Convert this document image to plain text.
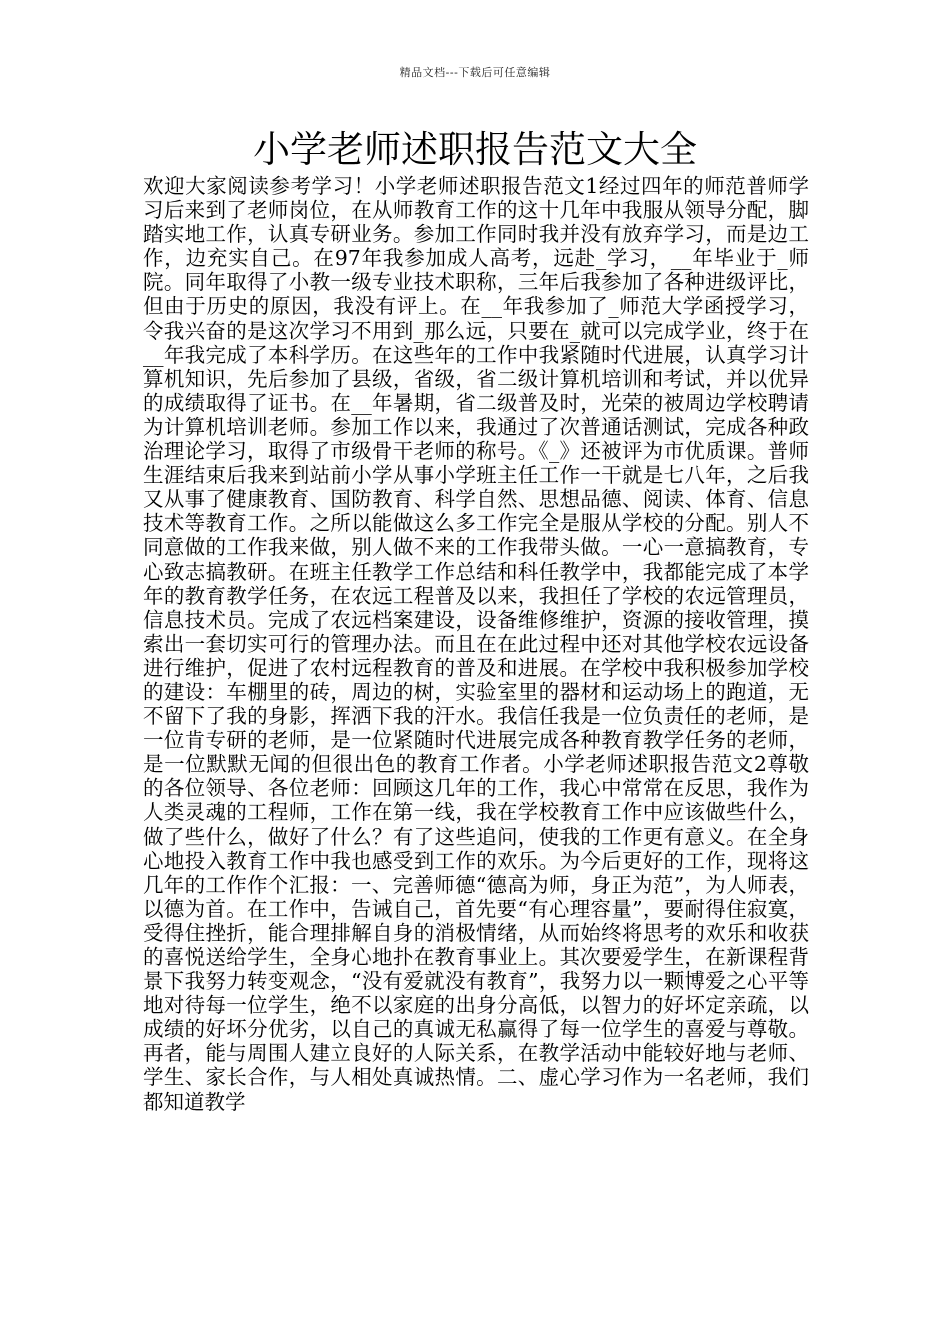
精品文档---下载后可任意编辑
小学老师述职报告范文大全

欢迎大家阅读参考学习！小学老师述职报告范文1经过四年的师范普师学习后来到了老师岗位，在从师教育工作的这十几年中我服从领导分配，脚踏实地工作，认真专研业务。参加工作同时我并没有放弃学习，而是边工作，边充实自己。在97年我参加成人高考，远赴_学习，__年毕业于_师院。同年取得了小教一级专业技术职称，三年后我参加了各种进级评比，但由于历史的原因，我没有评上。在__年我参加了_师范大学函授学习，令我兴奋的是这次学习不用到_那么远，只要在_就可以完成学业，终于在__年我完成了本科学历。在这些年的工作中我紧随时代进展，认真学习计算机知识，先后参加了县级，省级，省二级计算机培训和考试，并以优异的成绩取得了证书。在__年暑期，省二级普及时，光荣的被周边学校聘请为计算机培训老师。参加工作以来，我通过了次普通话测试，完成各种政治理论学习，取得了市级骨干老师的称号。《_》还被评为市优质课。普师生涯结束后我来到站前小学从事小学班主任工作一干就是七八年，之后我又从事了健康教育、国防教育、科学自然、思想品德、阅读、体育、信息技术等教育工作。之所以能做这么多工作完全是服从学校的分配。别人不同意做的工作我来做，别人做不来的工作我带头做。一心一意搞教育，专心致志搞教研。在班主任教学工作总结和科任教学中，我都能完成了本学年的教育教学任务，在农远工程普及以来，我担任了学校的农远管理员，信息技术员。完成了农远档案建设，设备维修维护，资源的接收管理，摸索出一套切实可行的管理办法。而且在在此过程中还对其他学校农远设备进行维护，促进了农村远程教育的普及和进展。在学校中我积极参加学校的建设：车棚里的砖，周边的树，实验室里的器材和运动场上的跑道，无不留下了我的身影，挥洒下我的汗水。我信任我是一位负责任的老师，是一位肯专研的老师，是一位紧随时代进展完成各种教育教学任务的老师，是一位默默无闻的但很出色的教育工作者。小学老师述职报告范文2尊敬的各位领导、各位老师：回顾这几年的工作，我心中常常在反思，我作为人类灵魂的工程师，工作在第一线，我在学校教育工作中应该做些什么，做了些什么，做好了什么？有了这些追问，使我的工作更有意义。在全身心地投入教育工作中我也感受到工作的欢乐。为今后更好的工作，现将这几年的工作作个汇报：一、完善师德“德高为师，身正为范”，为人师表，以德为首。在工作中，告诫自己，首先要“有心理容量”，要耐得住寂寞，受得住挫折，能合理排解自身的消极情绪，从而始终将思考的欢乐和收获的喜悦送给学生，全身心地扑在教育事业上。其次要爱学生，在新课程背景下我努力转变观念，“没有爱就没有教育”，我努力以一颗博爱之心平等地对待每一位学生，绝不以家庭的出身分高低，以智力的好坏定亲疏，以成绩的好坏分优劣，以自己的真诚无私赢得了每一位学生的喜爱与尊敬。再者，能与周围人建立良好的人际关系，在教学活动中能较好地与老师、学生、家长合作，与人相处真诚热情。二、虚心学习作为一名老师，我们都知道教学
